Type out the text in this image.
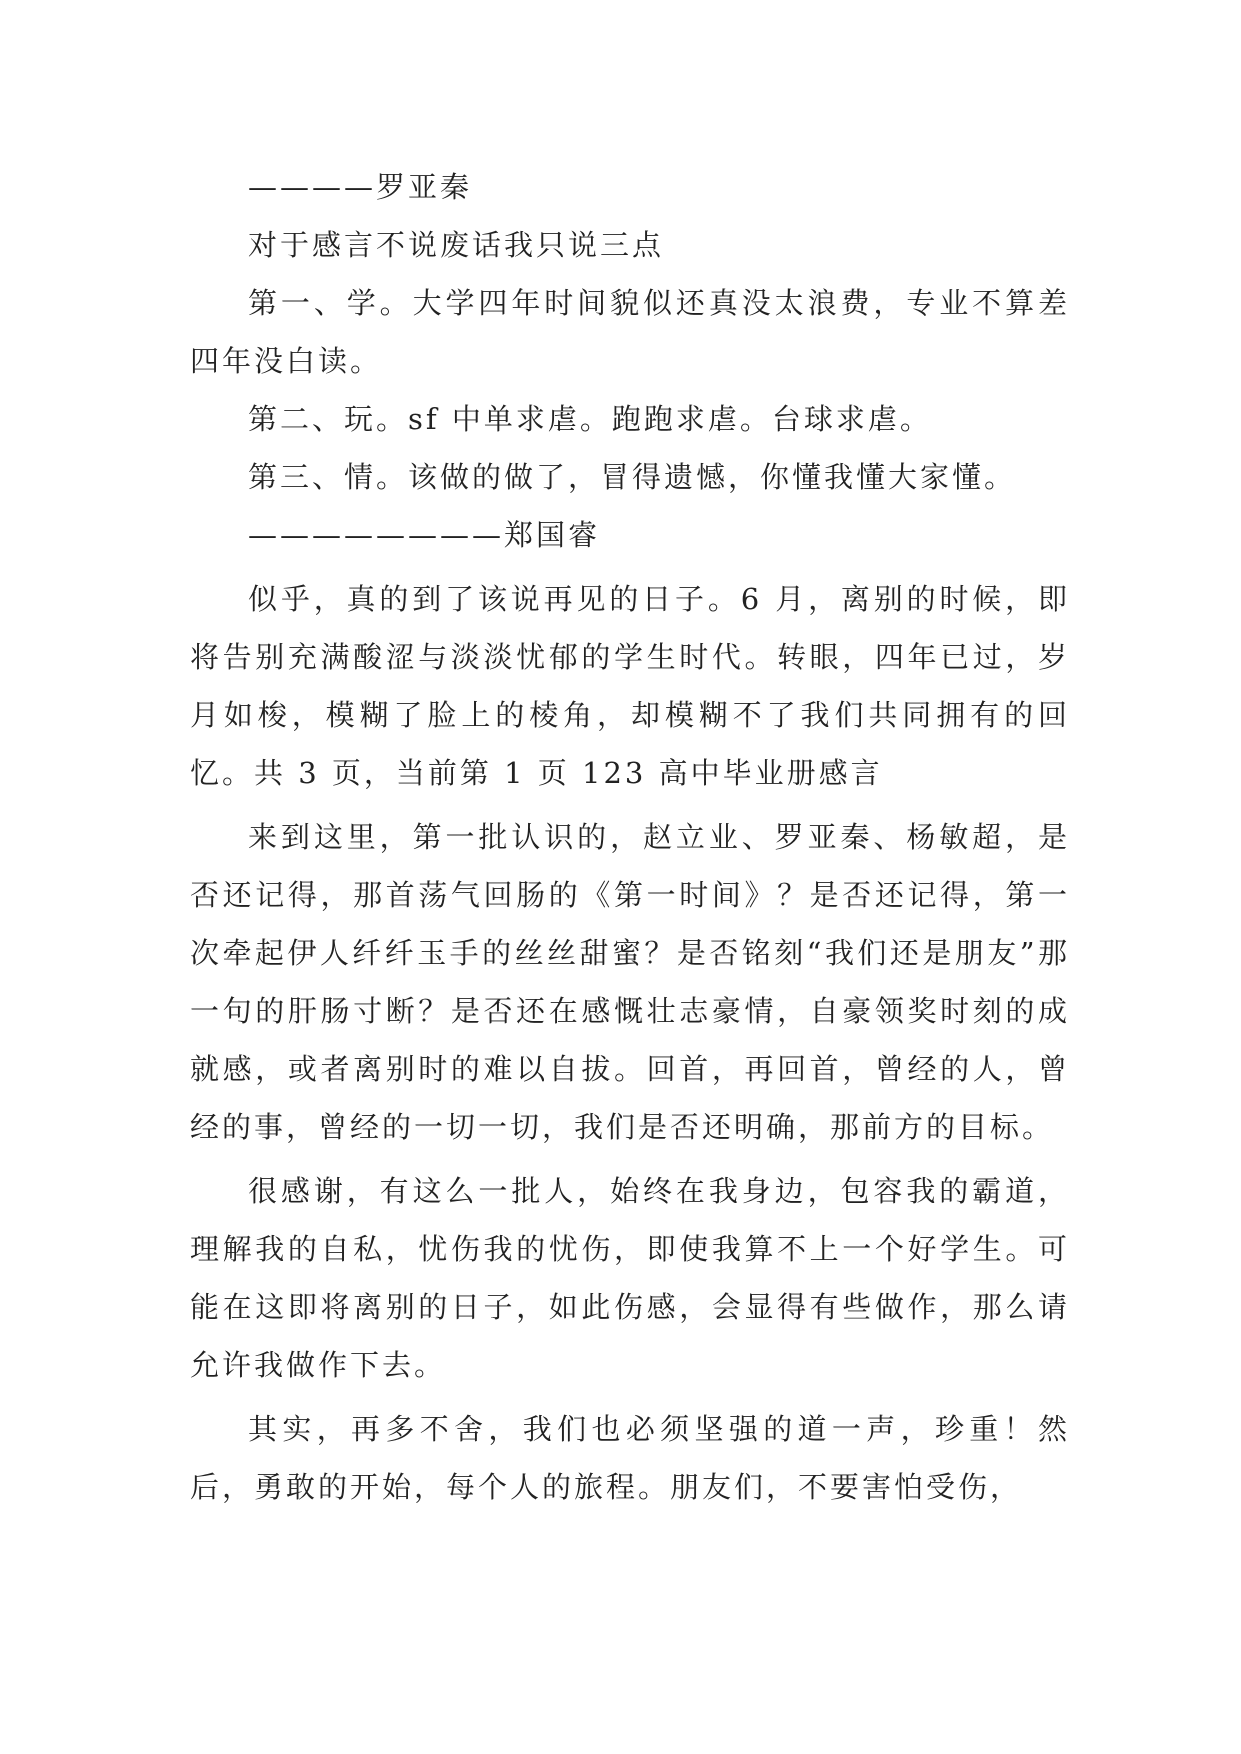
————罗亚秦

对于感言不说废话我只说三点

第一、学。大学四年时间貌似还真没太浪费，专业不算差四年没白读。

第二、玩。sf 中单求虐。跑跑求虐。台球求虐。

第三、情。该做的做了，冒得遗憾，你懂我懂大家懂。

————————郑国睿

似乎，真的到了该说再见的日子。6 月，离别的时候，即将告别充满酸涩与淡淡忧郁的学生时代。转眼，四年已过，岁月如梭，模糊了脸上的棱角，却模糊不了我们共同拥有的回忆。共 3 页，当前第 1 页 123 高中毕业册感言

来到这里，第一批认识的，赵立业、罗亚秦、杨敏超，是否还记得，那首荡气回肠的《第一时间》？是否还记得，第一次牵起伊人纤纤玉手的丝丝甜蜜？是否铭刻“我们还是朋友”那一句的肝肠寸断？是否还在感慨壮志豪情，自豪领奖时刻的成就感，或者离别时的难以自拔。回首，再回首，曾经的人，曾经的事，曾经的一切一切，我们是否还明确，那前方的目标。

很感谢，有这么一批人，始终在我身边，包容我的霸道，理解我的自私，忧伤我的忧伤，即使我算不上一个好学生。可能在这即将离别的日子，如此伤感，会显得有些做作，那么请允许我做作下去。

其实，再多不舍，我们也必须坚强的道一声，珍重！然后，勇敢的开始，每个人的旅程。朋友们，不要害怕受伤，
